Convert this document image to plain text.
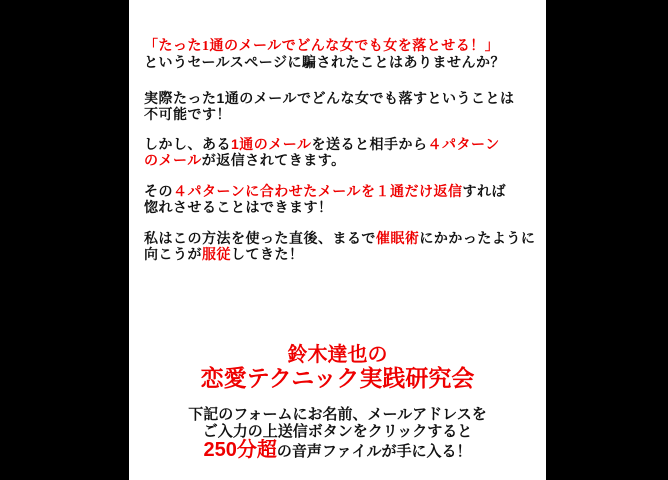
「たった1通のメールでどんな女でも女を落とせる！」
というセールスページに騙されたことはありませんか？
実際たった1通のメールでどんな女でも落すということは
不可能です！
しかし、ある1通のメールを送ると相手から４パターン
のメールが返信されてきます。
その４パターンに合わせたメールを１通だけ返信すれば
惚れさせることはできます！
私はこの方法を使った直後、まるで催眠術にかかったように
向こうが服従してきた！
鈴木達也の
恋愛テクニック実践研究会
下記のフォームにお名前、メールアドレスを
ご入力の上送信ボタンをクリックすると
250分超の音声ファイルが手に入る！
